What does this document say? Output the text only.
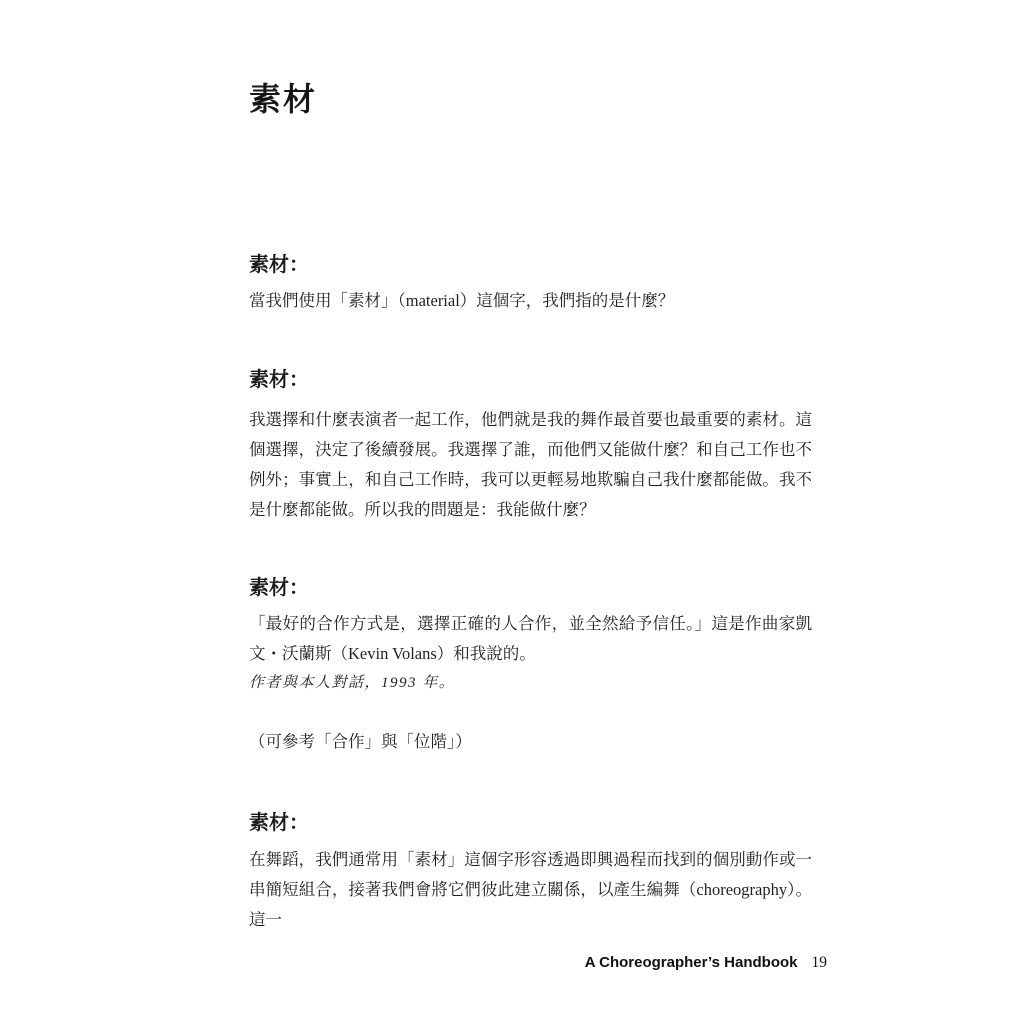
素材
素材：

當我們使用「素材」（material）這個字，我們指的是什麼？

素材：

我選擇和什麼表演者一起工作，他們就是我的舞作最首要也最重要的素材。這個選擇，決定了後續發展。我選擇了誰，而他們又能做什麼？和自己工作也不例外；事實上，和自己工作時，我可以更輕易地欺騙自己我什麼都能做。我不是什麼都能做。所以我的問題是：我能做什麼？

素材：

「最好的合作方式是，選擇正確的人合作，並全然給予信任。」這是作曲家凱文・沃蘭斯（Kevin Volans）和我說的。

作者與本人對話，1993 年。

（可參考「合作」與「位階」）

素材：

在舞蹈，我們通常用「素材」這個字形容透過即興過程而找到的個別動作或一串簡短組合，接著我們會將它們彼此建立關係，以產生編舞（choreography）。這一

A Choreographer’s Handbook 19
